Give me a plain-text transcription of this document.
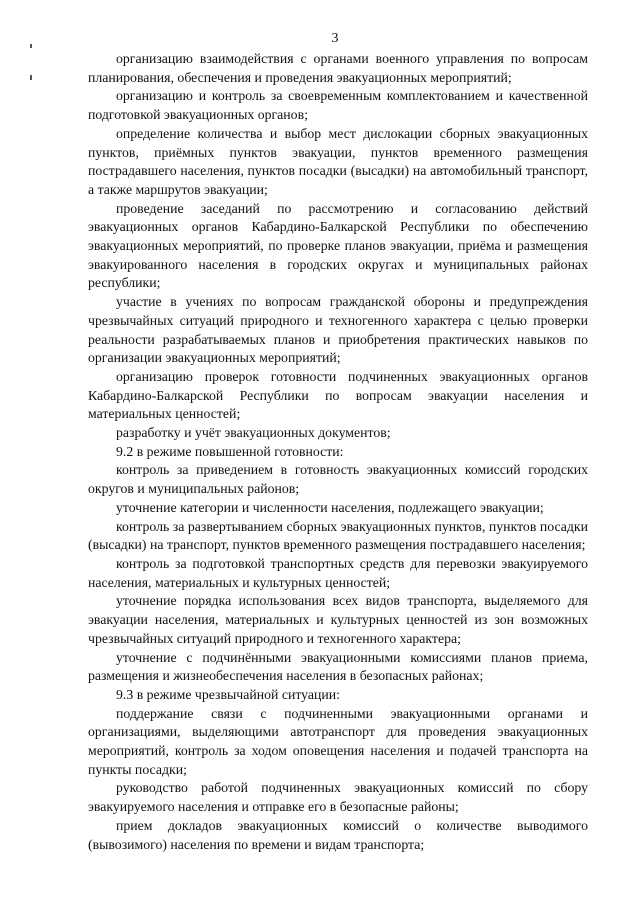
3

организацию взаимодействия с органами военного управления по вопросам планирования, обеспечения и проведения эвакуационных мероприятий;

организацию и контроль за своевременным комплектованием и качественной подготовкой эвакуационных органов;

определение количества и выбор мест дислокации сборных эвакуационных пунктов, приёмных пунктов эвакуации, пунктов временного размещения пострадавшего населения, пунктов посадки (высадки) на автомобильный транспорт, а также маршрутов эвакуации;

проведение заседаний по рассмотрению и согласованию действий эвакуационных органов Кабардино-Балкарской Республики по обеспечению эвакуационных мероприятий, по проверке планов эвакуации, приёма и размещения эвакуированного населения в городских округах и муниципальных районах республики;

участие в учениях по вопросам гражданской обороны и предупреждения чрезвычайных ситуаций природного и техногенного характера с целью проверки реальности разрабатываемых планов и приобретения практических навыков по организации эвакуационных мероприятий;

организацию проверок готовности подчиненных эвакуационных органов Кабардино-Балкарской Республики по вопросам эвакуации населения и материальных ценностей;

разработку и учёт эвакуационных документов;

9.2 в режиме повышенной готовности:

контроль за приведением в готовность эвакуационных комиссий городских округов и муниципальных районов;

уточнение категории и численности населения, подлежащего эвакуации;

контроль за развертыванием сборных эвакуационных пунктов, пунктов посадки (высадки) на транспорт, пунктов временного размещения пострадавшего населения;

контроль за подготовкой транспортных средств для перевозки эвакуируемого населения, материальных и культурных ценностей;

уточнение порядка использования всех видов транспорта, выделяемого для эвакуации населения, материальных и культурных ценностей из зон возможных чрезвычайных ситуаций природного и техногенного характера;

уточнение с подчинёнными эвакуационными комиссиями планов приема, размещения и жизнеобеспечения населения в безопасных районах;

9.3 в режиме чрезвычайной ситуации:

поддержание связи с подчиненными эвакуационными органами и организациями, выделяющими автотранспорт для проведения эвакуационных мероприятий, контроль за ходом оповещения населения и подачей транспорта на пункты посадки;

руководство работой подчиненных эвакуационных комиссий по сбору эвакуируемого населения и отправке его в безопасные районы;

прием докладов эвакуационных комиссий о количестве выводимого (вывозимого) населения по времени и видам транспорта;
